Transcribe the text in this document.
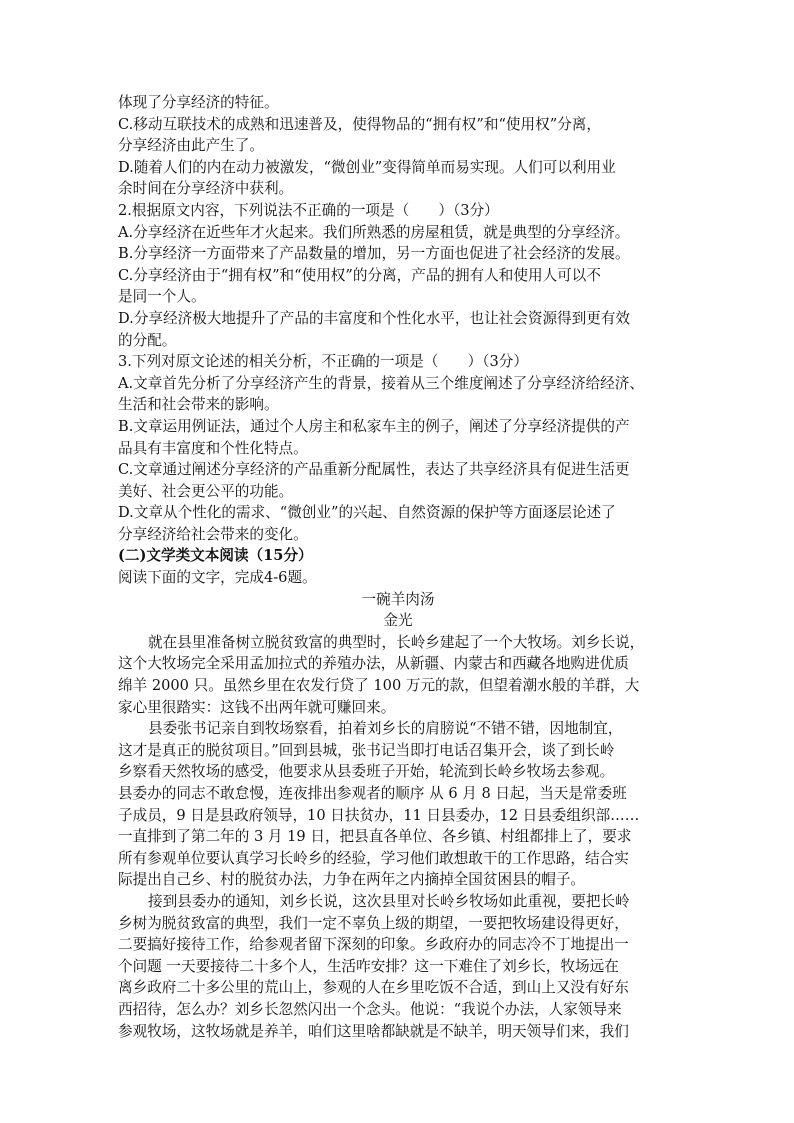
体现了分享经济的特征。
C.移动互联技术的成熟和迅速普及，使得物品的“拥有权”和“使用权”分离，
分享经济由此产生了。
D.随着人们的内在动力被激发，“微创业”变得简单而易实现。人们可以利用业
余时间在分享经济中获利。
2.根据原文内容，下列说法不正确的一项是（　　）（3分）
A.分享经济在近些年才火起来。我们所熟悉的房屋租赁，就是典型的分享经济。
B.分享经济一方面带来了产品数量的增加，另一方面也促进了社会经济的发展。
C.分享经济由于“拥有权”和“使用权”的分离，产品的拥有人和使用人可以不
是同一个人。
D.分享经济极大地提升了产品的丰富度和个性化水平，也让社会资源得到更有效
的分配。
3.下列对原文论述的相关分析，不正确的一项是（　　）（3分）
A.文章首先分析了分享经济产生的背景，接着从三个维度阐述了分享经济给经济、
生活和社会带来的影响。
B.文章运用例证法，通过个人房主和私家车主的例子，阐述了分享经济提供的产
品具有丰富度和个性化特点。
C.文章通过阐述分享经济的产品重新分配属性，表达了共享经济具有促进生活更
美好、社会更公平的功能。
D.文章从个性化的需求、“微创业”的兴起、自然资源的保护等方面逐层论述了
分享经济给社会带来的变化。
(二)文学类文本阅读（15分）
阅读下面的文字，完成4-6题。
一碗羊肉汤
金光
就在县里准备树立脱贫致富的典型时，长岭乡建起了一个大牧场。刘乡长说，
这个大牧场完全采用孟加拉式的养殖办法，从新疆、内蒙古和西藏各地购进优质
绵羊 2000 只。虽然乡里在农发行贷了 100 万元的款，但望着潮水般的羊群，大
家心里很踏实：这钱不出两年就可赚回来。
县委张书记亲自到牧场察看，拍着刘乡长的肩膀说“不错不错，因地制宜，
这才是真正的脱贫项目。”回到县城，张书记当即打电话召集开会，谈了到长岭
乡察看天然牧场的感受，他要求从县委班子开始，轮流到长岭乡牧场去参观。
县委办的同志不敢怠慢，连夜排出参观者的顺序 从 6 月 8 日起，当天是常委班
子成员，9 日是县政府领导，10 日扶贫办，11 日县委办，12 日县委组织部……
一直排到了第二年的 3 月 19 日，把县直各单位、各乡镇、村组都排上了，要求
所有参观单位要认真学习长岭乡的经验，学习他们敢想敢干的工作思路，结合实
际提出自己乡、村的脱贫办法，力争在两年之内摘掉全国贫困县的帽子。
接到县委办的通知，刘乡长说，这次县里对长岭乡牧场如此重视，要把长岭
乡树为脱贫致富的典型，我们一定不辜负上级的期望，一要把牧场建设得更好，
二要搞好接待工作，给参观者留下深刻的印象。乡政府办的同志冷不丁地提出一
个问题 一天要接待二十多个人，生活咋安排？这一下难住了刘乡长，牧场远在
离乡政府二十多公里的荒山上，参观的人在乡里吃饭不合适，到山上又没有好东
西招待，怎么办？刘乡长忽然闪出一个念头。他说：“我说个办法，人家领导来
参观牧场，这牧场就是养羊，咱们这里啥都缺就是不缺羊，明天领导们来，我们
